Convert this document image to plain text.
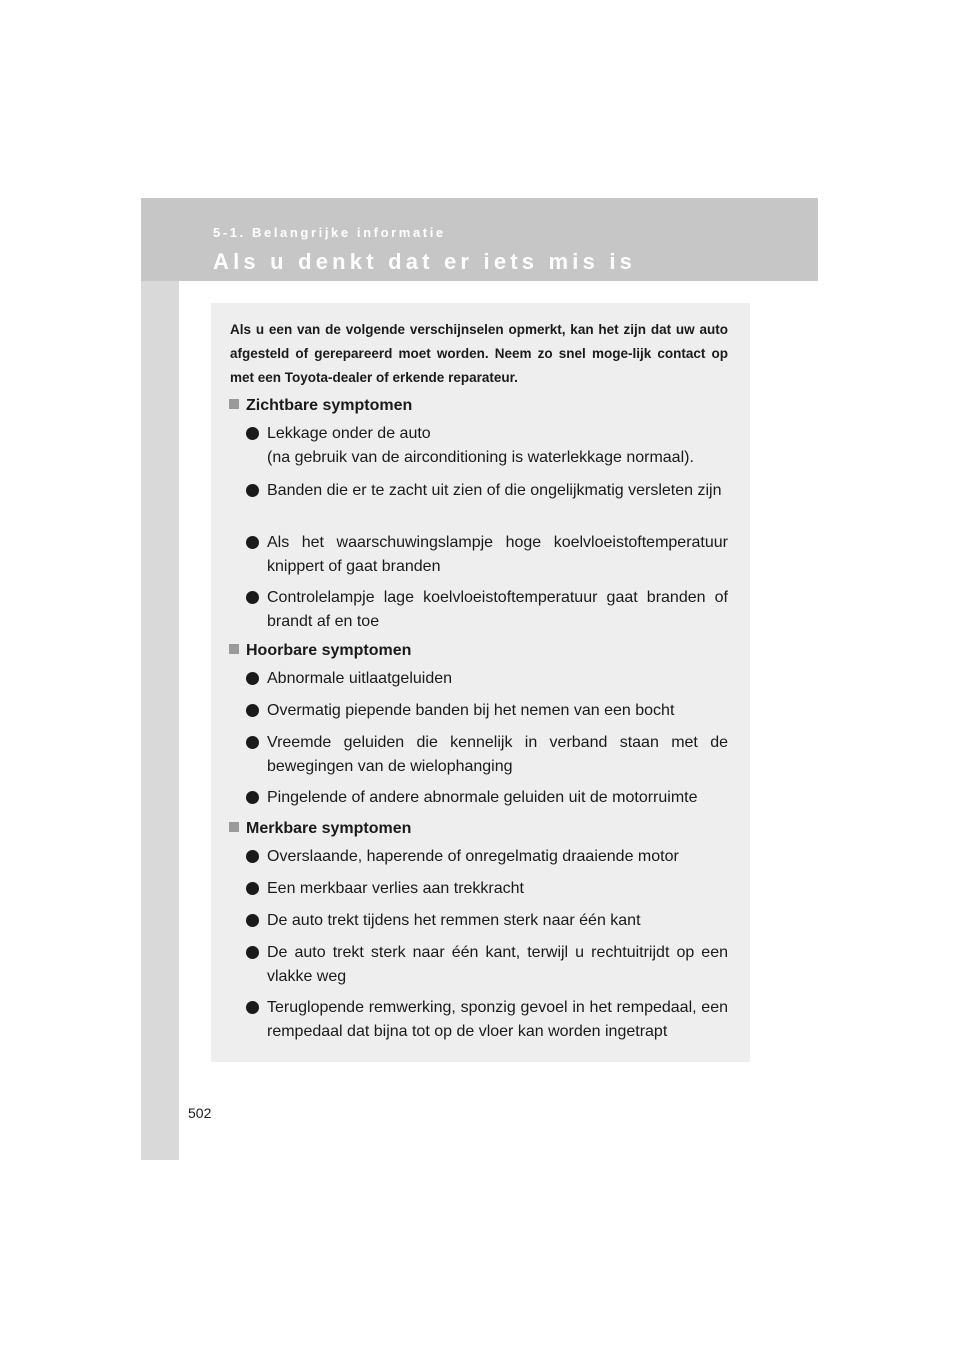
5-1. Belangrijke informatie
Als u denkt dat er iets mis is
Als u een van de volgende verschijnselen opmerkt, kan het zijn dat uw auto afgesteld of gerepareerd moet worden. Neem zo snel moge-lijk contact op met een Toyota-dealer of erkende reparateur.
Zichtbare symptomen
Lekkage onder de auto
(na gebruik van de airconditioning is waterlekkage normaal).
Banden die er te zacht uit zien of die ongelijkmatig versleten zijn
Als het waarschuwingslampje hoge koelvloeistoftemperatuur knippert of gaat branden
Controlelampje lage koelvloeistoftemperatuur gaat branden of brandt af en toe
Hoorbare symptomen
Abnormale uitlaatgeluiden
Overmatig piepende banden bij het nemen van een bocht
Vreemde geluiden die kennelijk in verband staan met de bewegingen van de wielophanging
Pingelende of andere abnormale geluiden uit de motorruimte
Merkbare symptomen
Overslaande, haperende of onregelmatig draaiende motor
Een merkbaar verlies aan trekkracht
De auto trekt tijdens het remmen sterk naar één kant
De auto trekt sterk naar één kant, terwijl u rechtuitrijdt op een vlakke weg
Teruglopende remwerking, sponzig gevoel in het rempedaal, een rempedaal dat bijna tot op de vloer kan worden ingetrapt
502
